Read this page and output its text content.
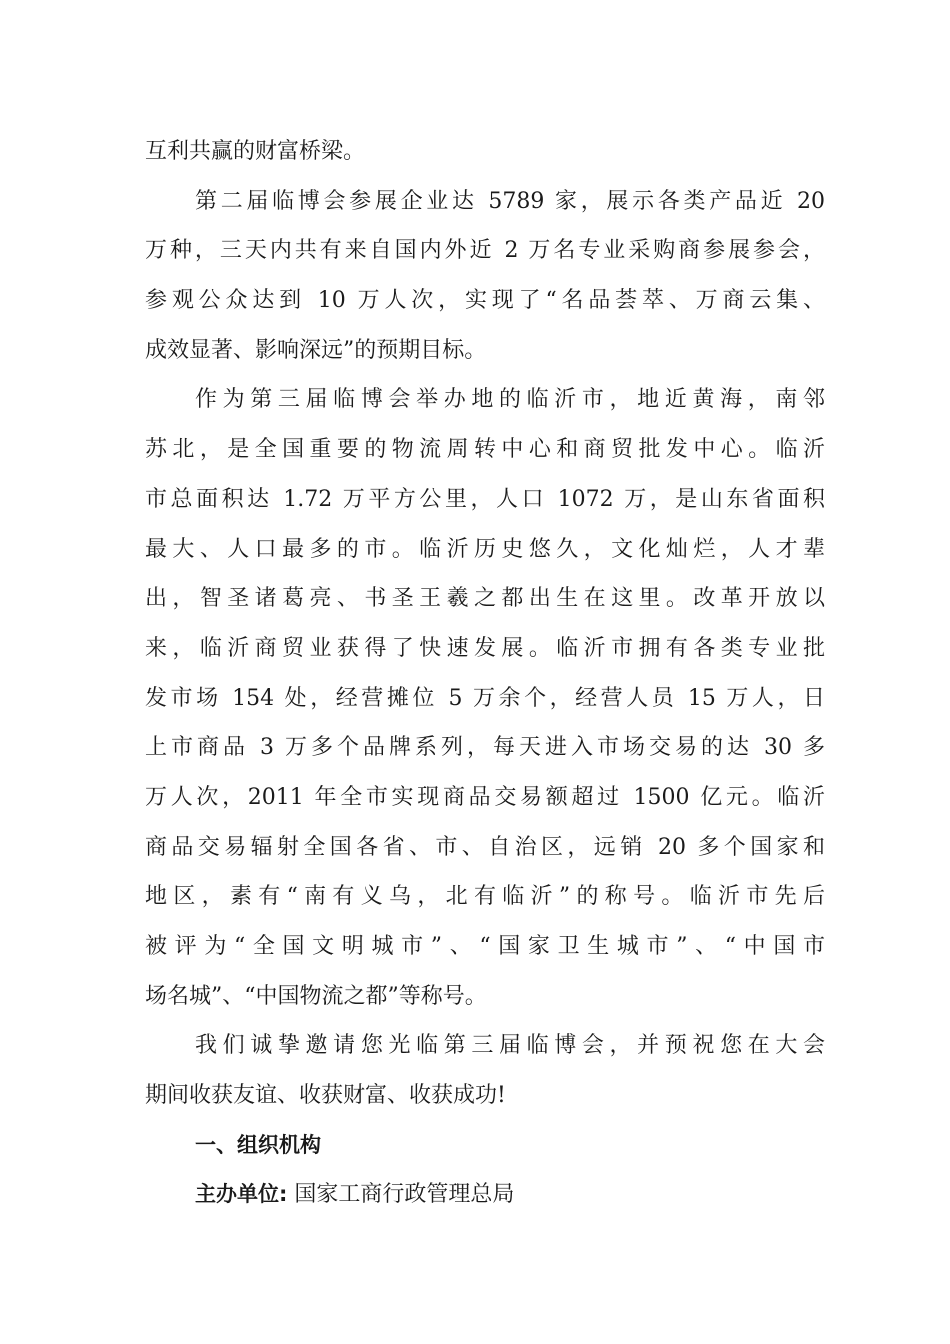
互利共赢的财富桥梁。
第二届临博会参展企业达 5789 家，展示各类产品近 20
万种，三天内共有来自国内外近 2 万名专业采购商参展参会，
参观公众达到 10 万人次，实现了“名品荟萃、万商云集、
成效显著、影响深远”的预期目标。
作为第三届临博会举办地的临沂市，地近黄海，南邻
苏北，是全国重要的物流周转中心和商贸批发中心。临沂
市总面积达 1.72 万平方公里，人口 1072 万，是山东省面积
最大、人口最多的市。临沂历史悠久，文化灿烂，人才辈
出，智圣诸葛亮、书圣王羲之都出生在这里。改革开放以
来，临沂商贸业获得了快速发展。临沂市拥有各类专业批
发市场 154 处，经营摊位 5 万余个，经营人员 15 万人，日
上市商品 3 万多个品牌系列，每天进入市场交易的达 30 多
万人次，2011 年全市实现商品交易额超过 1500 亿元。临沂
商品交易辐射全国各省、市、自治区，远销 20 多个国家和
地区，素有“南有义乌，北有临沂”的称号。临沂市先后
被评为“全国文明城市”、“国家卫生城市”、“中国市
场名城”、“中国物流之都”等称号。
我们诚挚邀请您光临第三届临博会，并预祝您在大会
期间收获友谊、收获财富、收获成功!
一、组织机构
主办单位: 国家工商行政管理总局
